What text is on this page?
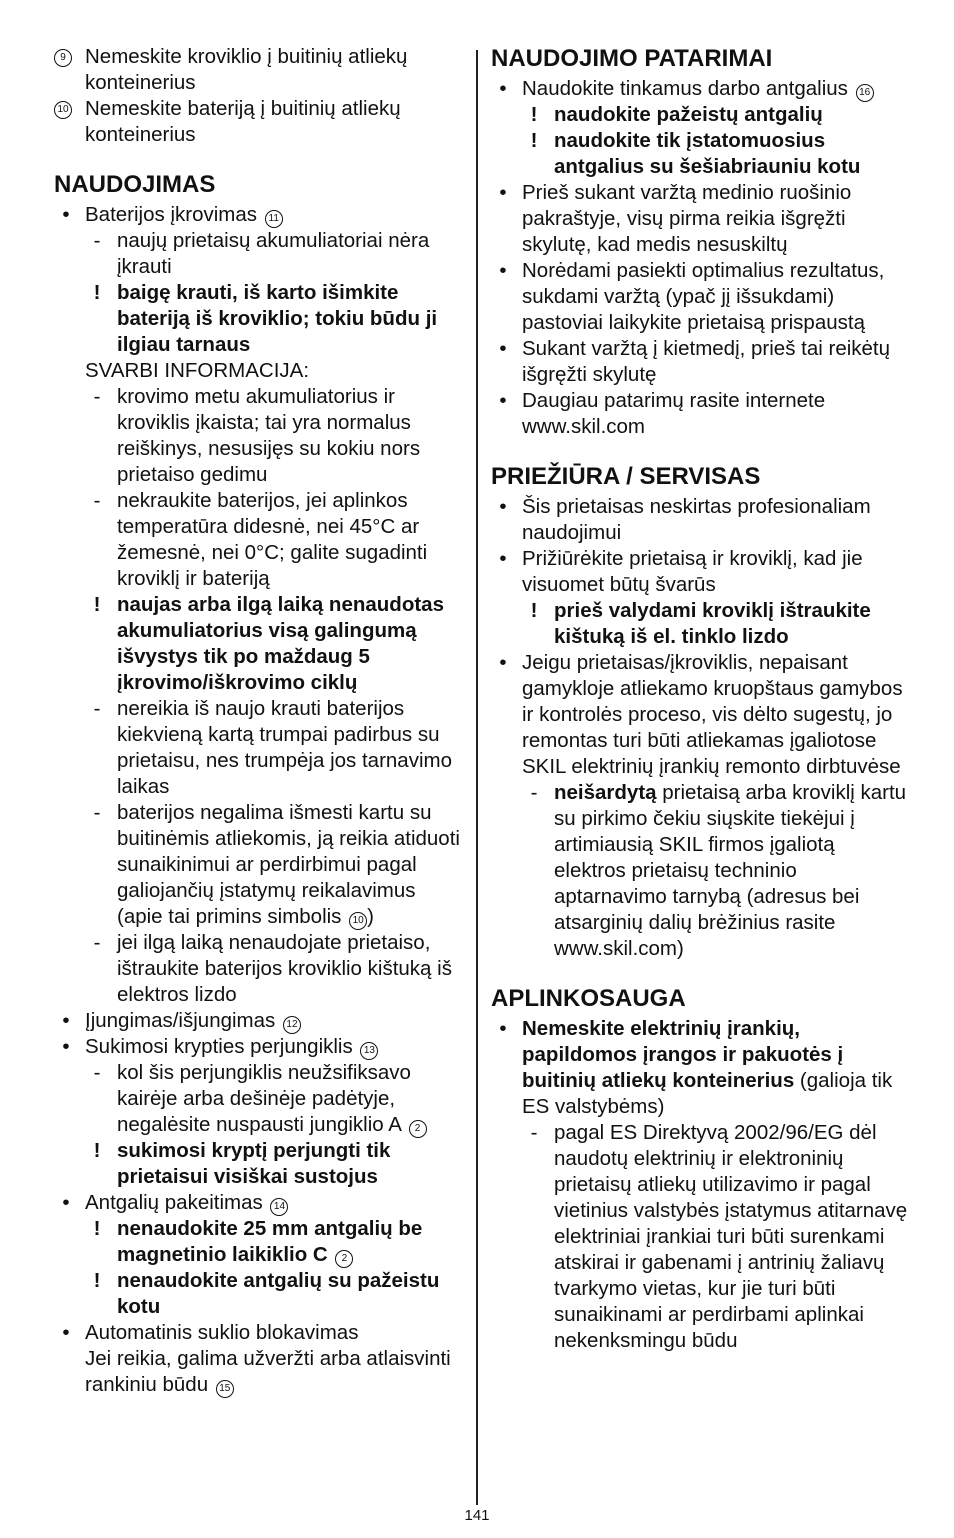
9 Nemeskite kroviklio į buitinių atliekų konteinerius
10 Nemeskite bateriją į buitinių atliekų konteinerius
NAUDOJIMAS
• Baterijos įkrovimas 11
- naujų prietaisų akumuliatoriai nėra įkrauti
! baigę krauti, iš karto išimkite bateriją iš kroviklio; tokiu būdu ji ilgiau tarnaus
SVARBI INFORMACIJA:
- krovimo metu akumuliatorius ir kroviklis įkaista; tai yra normalus reiškinys, nesusijęs su kokiu nors prietaiso gedimu
- nekraukite baterijos, jei aplinkos temperatūra didesnė, nei 45°C ar žemesnė, nei 0°C; galite sugadinti kroviklį ir bateriją
! naujas arba ilgą laiką nenaudotas akumuliatorius visą galingumą išvystys tik po maždaug 5 įkrovimo/iškrovimo ciklų
- nereikia iš naujo krauti baterijos kiekvieną kartą trumpai padirbus su prietaisu, nes trumpėja jos tarnavimo laikas
- baterijos negalima išmesti kartu su buitinėmis atliekomis, ją reikia atiduoti sunaikinimui ar perdirbimui pagal galiojančių įstatymų reikalavimus (apie tai primins simbolis 10 )
- jei ilgą laiką nenaudojate prietaiso, ištraukite baterijos kroviklio kištuką iš elektros lizdo
• Įjungimas/išjungimas 12
• Sukimosi krypties perjungiklis 13
- kol šis perjungiklis neužsifiksavo kairėje arba dešinėje padėtyje, negalėsite nuspausti jungiklio A 2
! sukimosi kryptį perjungti tik prietaisui visiškai sustojus
• Antgalių pakeitimas 14
! nenaudokite 25 mm antgalių be magnetinio laikiklio C 2
! nenaudokite antgalių su pažeistu kotu
• Automatinis suklio blokavimas
Jei reikia, galima užveržti arba atlaisvinti rankiniu būdu 15
NAUDOJIMO PATARIMAI
• Naudokite tinkamus darbo antgalius 16
! naudokite pažeistų antgalių
! naudokite tik įstatomuosius antgalius su šešiabriauniu kotu
• Prieš sukant varžtą medinio ruošinio pakraštyje, visų pirma reikia išgręžti skylutę, kad medis nesuskiltų
• Norėdami pasiekti optimalius rezultatus, sukdami varžtą (ypač jį išsukdami) pastoviai laikykite prietaisą prispaustą
• Sukant varžtą į kietmedį, prieš tai reikėtų išgręžti skylutę
• Daugiau patarimų rasite internete www.skil.com
PRIEŽIŪRA / SERVISAS
• Šis prietaisas neskirtas profesionaliam naudojimui
• Prižiūrėkite prietaisą ir kroviklį, kad jie visuomet būtų švarūs
! prieš valydami kroviklį ištraukite kištuką iš el. tinklo lizdo
• Jeigu prietaisas/įkroviklis, nepaisant gamykloje atliekamo kruopštaus gamybos ir kontrolės proceso, vis dėlto sugestų, jo remontas turi būti atliekamas įgaliotose SKIL elektrinių įrankių remonto dirbtuvėse
- neišardytą prietaisą arba kroviklį kartu su pirkimo čekiu siųskite tiekėjui į artimiausią SKIL firmos įgaliotą elektros prietaisų techninio aptarnavimo tarnybą (adresus bei atsarginių dalių brėžinius rasite www.skil.com)
APLINKOSAUGA
• Nemeskite elektrinių įrankių, papildomos įrangos ir pakuotės į buitinių atliekų konteinerius (galioja tik ES valstybėms)
- pagal ES Direktyvą 2002/96/EG dėl naudotų elektrinių ir elektroninių prietaisų atliekų utilizavimo ir pagal vietinius valstybės įstatymus atitarnavę elektriniai įrankiai turi būti surenkami atskirai ir gabenami į antrinių žaliavų tvarkymo vietas, kur jie turi būti sunaikinami ar perdirbami aplinkai nekenksmingu būdu
141
